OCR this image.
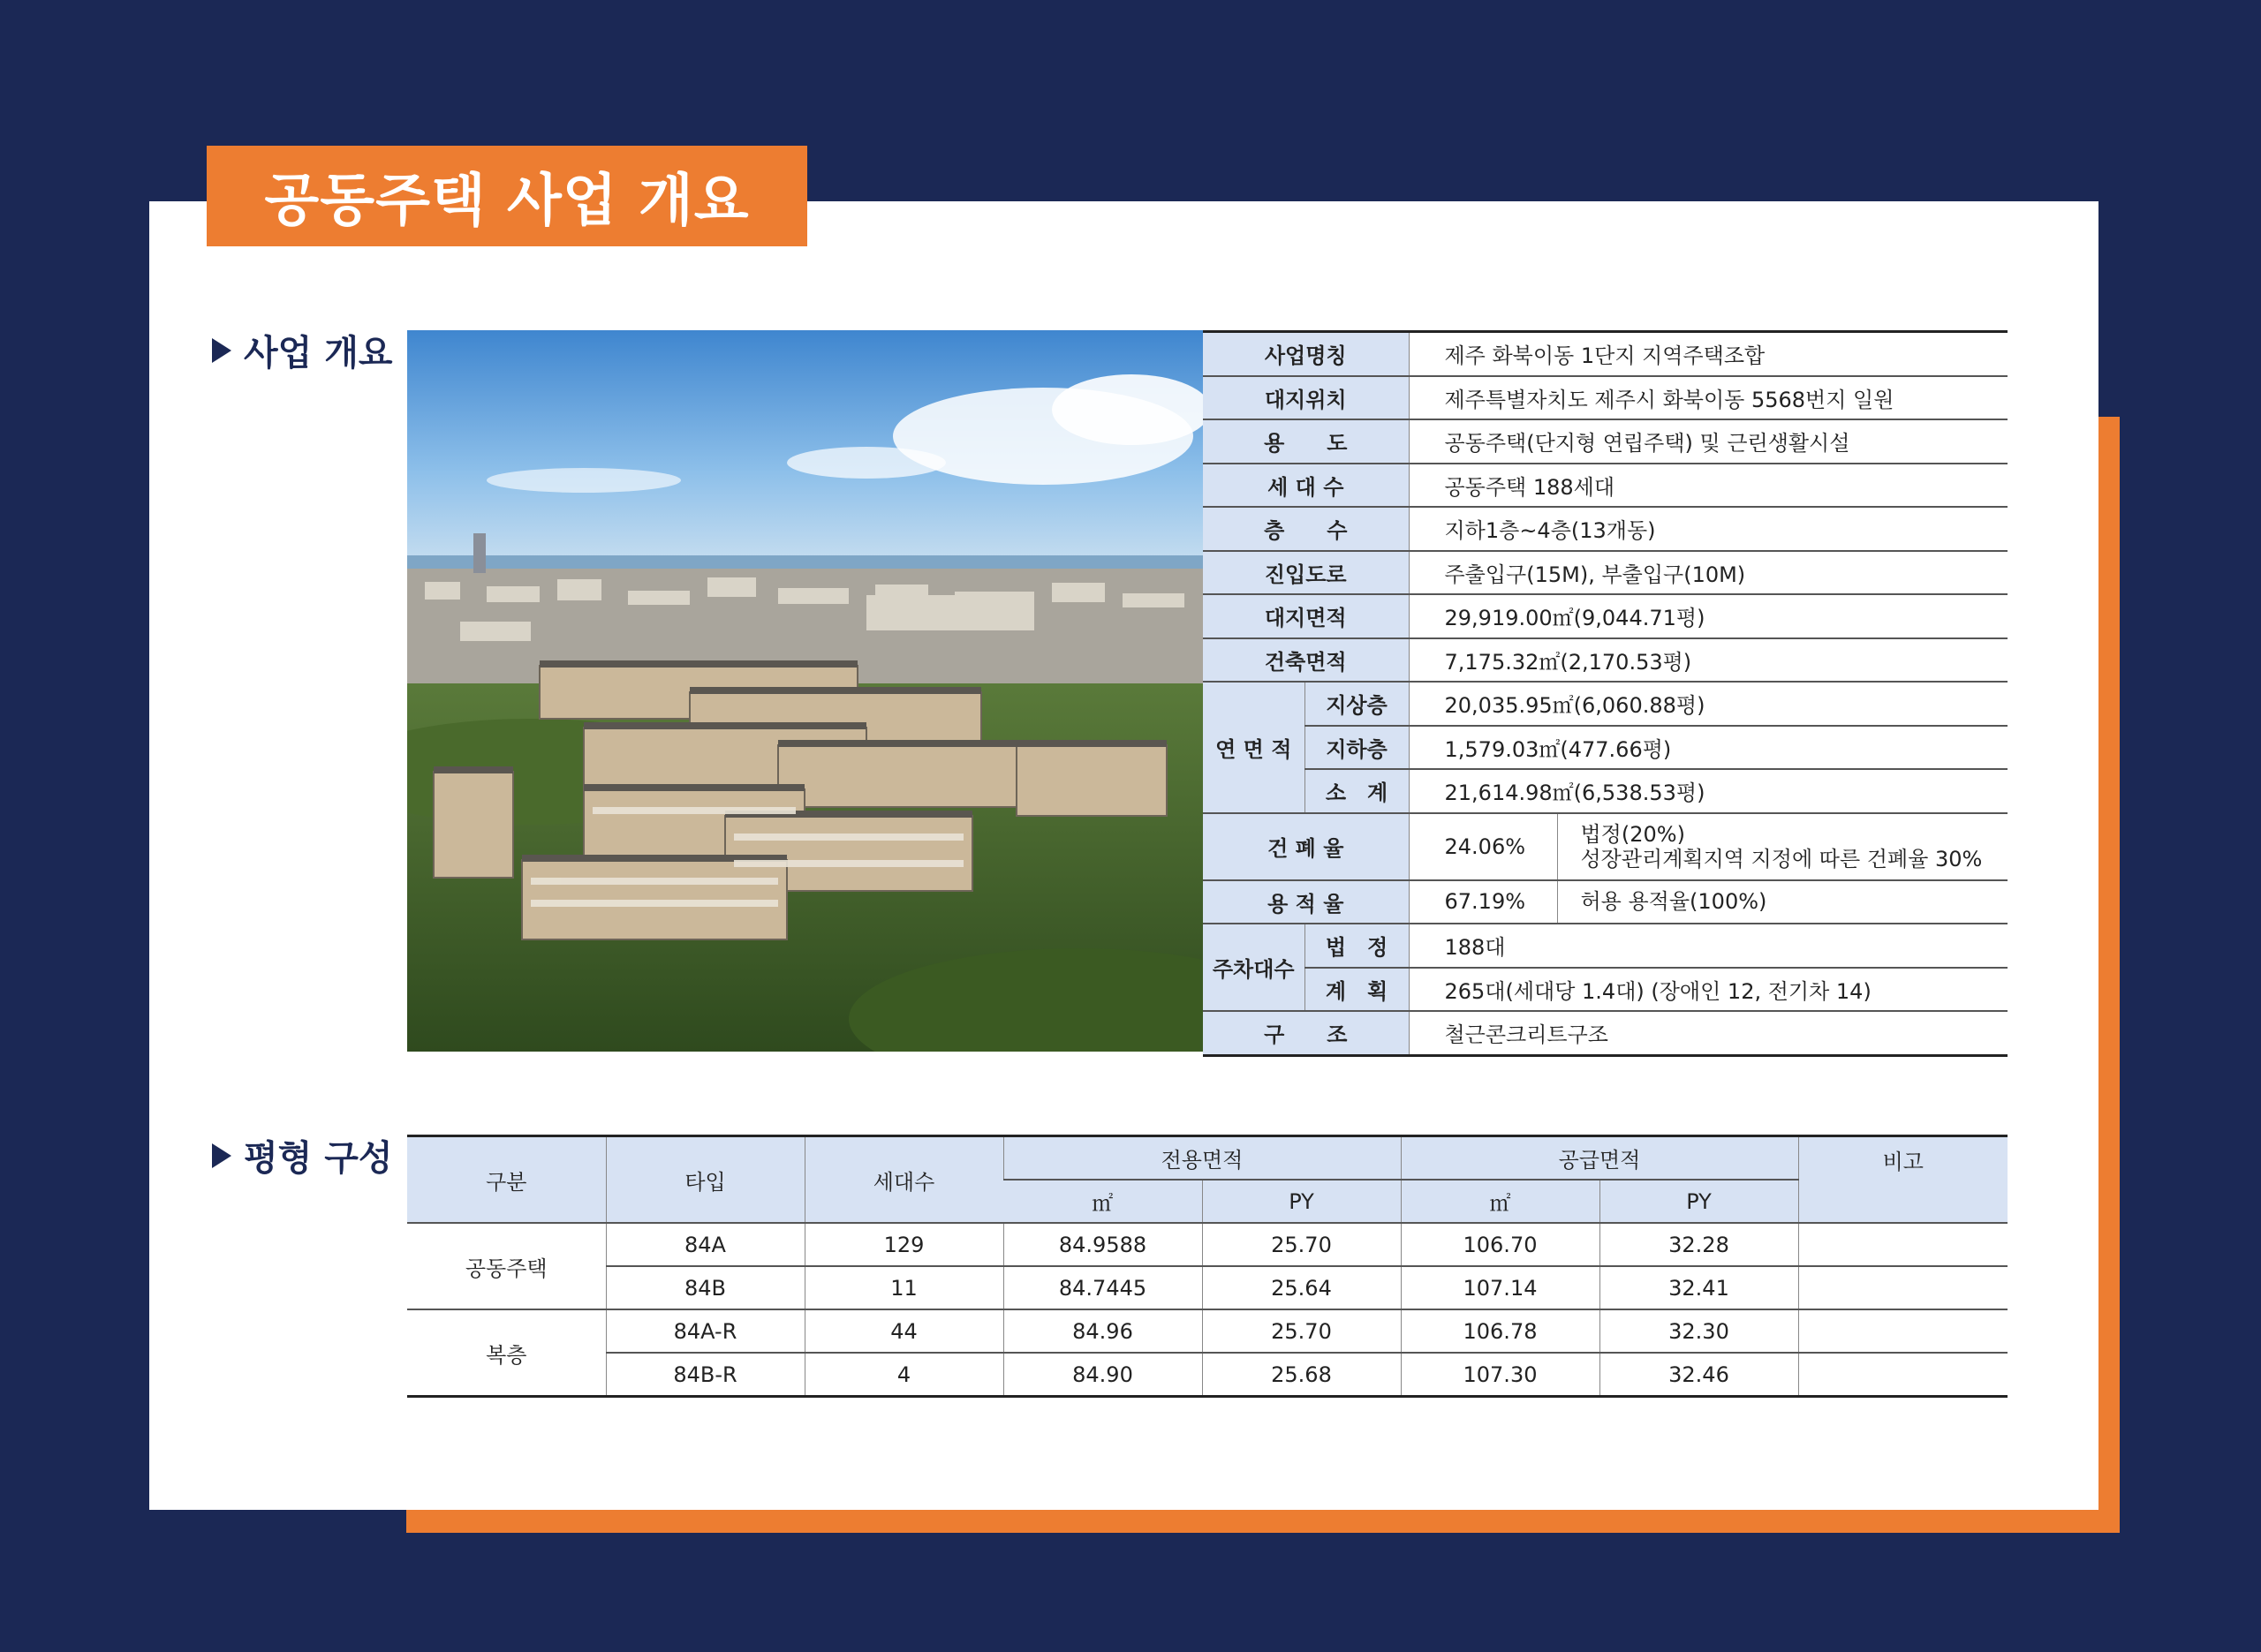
공동주택 사업 개요
사업 개요	사업명칭		제주 화북이동 1단지 지역주택조합	
대지위치		제주특별자치도 제주시 화북이동 5568번지 일원	
용　　도		공동주택(단지형 연립주택) 및 근린생활시설	
세 대 수		공동주택 188세대	
층　　수		지하1층~4층(13개동)	
진입도로		주출입구(15M), 부출입구(10M)	
대지면적		29,919.00㎡(9,044.71평)	
건축면적		7,175.32㎡(2,170.53평)	
연 면 적	지상층	20,035.95㎡(6,060.88평)	
	지하층	1,579.03㎡(477.66평)	
	소　계	21,614.98㎡(6,538.53평)	
건 폐 율		24.06%	법정(20%)
성장관리계획지역 지정에 따른 건폐율 30%

용 적 율		67.19%	허용 용적율(100%)
주차대수	법　정	188대	
	계　획	265대(세대당 1.4대) (장애인 12, 전기차 14)	
구　　조		철근콘크리트구조	
평형 구성
구분	타입	세대수	전용면적		공급면적		비고
			㎡	PY	㎡	PY	
공동주택	84A	129	84.9588	25.70	106.70	32.28	
	84B	11	84.7445	25.64	107.14	32.41	
복층	84A-R	44	84.96	25.70	106.78	32.30	
	84B-R	4	84.90	25.68	107.30	32.46	
